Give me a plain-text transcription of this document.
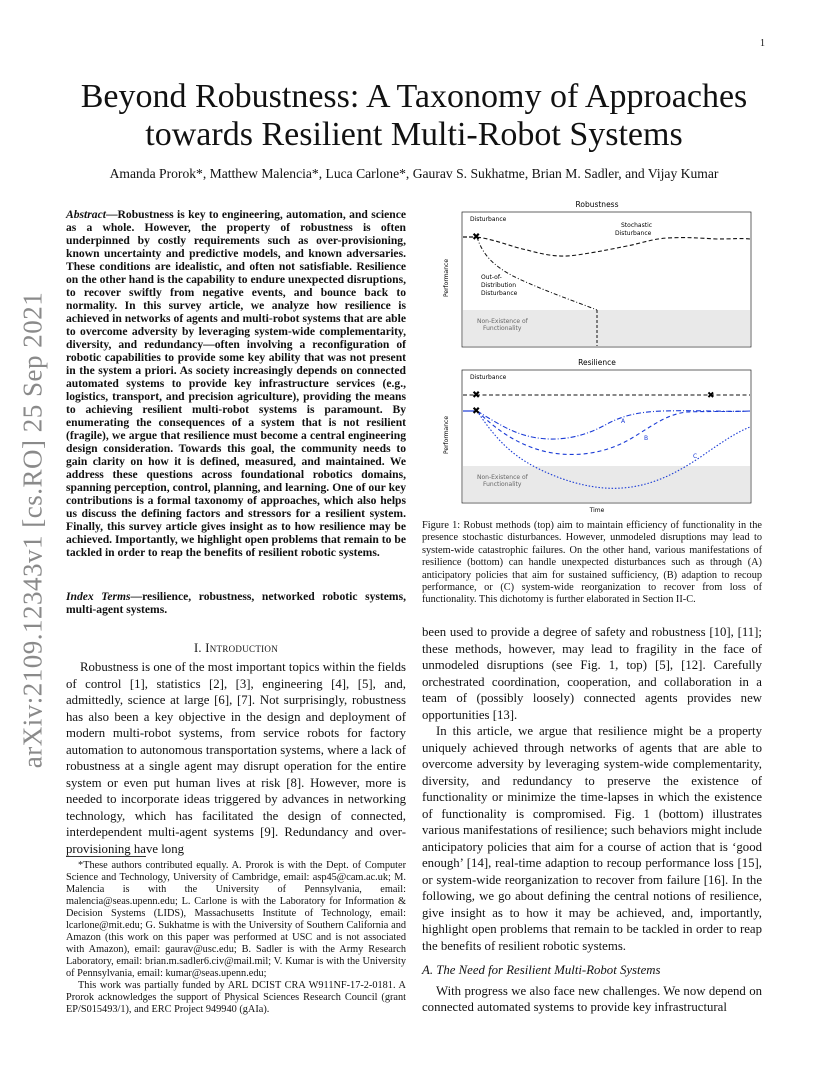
1
arXiv:2109.12343v1 [cs.RO] 25 Sep 2021
Beyond Robustness: A Taxonomy of Approaches
towards Resilient Multi-Robot Systems
Amanda Prorok*, Matthew Malencia*, Luca Carlone*, Gaurav S. Sukhatme, Brian M. Sadler, and Vijay Kumar
Abstract—Robustness is key to engineering, automation, and science as a whole. However, the property of robustness is often underpinned by costly requirements such as over-provisioning, known uncertainty and predictive models, and known adversaries. These conditions are idealistic, and often not satisfiable. Resilience on the other hand is the capability to endure unexpected disruptions, to recover swiftly from negative events, and bounce back to normality. In this survey article, we analyze how resilience is achieved in networks of agents and multi-robot systems that are able to overcome adversity by leveraging system-wide complementarity, diversity, and redundancy—often involving a reconfiguration of robotic capabilities to provide some key ability that was not present in the system a priori. As society increasingly depends on connected automated systems to provide key infrastructure services (e.g., logistics, transport, and precision agriculture), providing the means to achieving resilient multi-robot systems is paramount. By enumerating the consequences of a system that is not resilient (fragile), we argue that resilience must become a central engineering design consideration. Towards this goal, the community needs to gain clarity on how it is defined, measured, and maintained. We address these questions across foundational robotics domains, spanning perception, control, planning, and learning. One of our key contributions is a formal taxonomy of approaches, which also helps us discuss the defining factors and stressors for a resilient system. Finally, this survey article gives insight as to how resilience may be achieved. Importantly, we highlight open problems that remain to be tackled in order to reap the benefits of resilient robotic systems.
Index Terms—resilience, robustness, networked robotic systems, multi-agent systems.
I. Introduction
Robustness is one of the most important topics within the fields of control [1], statistics [2], [3], engineering [4], [5], and, admittedly, science at large [6], [7]. Not surprisingly, robustness has also been a key objective in the design and deployment of modern multi-robot systems, from service robots for factory automation to autonomous transportation systems, where a lack of robustness at a single agent may disrupt operation for the entire system or even put human lives at risk [8]. However, more is needed to incorporate ideas triggered by advances in networking technology, which has facilitated the design of connected, interdependent multi-agent systems [9]. Redundancy and over-provisioning have long

*These authors contributed equally. A. Prorok is with the Dept. of Computer Science and Technology, University of Cambridge, email: asp45@cam.ac.uk; M. Malencia is with the University of Pennsylvania, email: malencia@seas.upenn.edu; L. Carlone is with the Laboratory for Information & Decision Systems (LIDS), Massachusetts Institute of Technology, email: lcarlone@mit.edu; G. Sukhatme is with the University of Southern California and Amazon (this work on this paper was performed at USC and is not associated with Amazon), email: gaurav@usc.edu; B. Sadler is with the Army Research Laboratory, email: brian.m.sadler6.civ@mail.mil; V. Kumar is with the University of Pennsylvania, email: kumar@seas.upenn.edu;

This work was partially funded by ARL DCIST CRA W911NF-17-2-0181. A Prorok acknowledges the support of Physical Sciences Research Council (grant EP/S015493/1), and ERC Project 949940 (gAIa).

Robustness
Performance
Disturbance
Stochastic
Disturbance
Out-of-
Distribution
Disturbance
Non-Existence of
Functionality
✖
Resilience
Performance
Time
Disturbance
Non-Existence of
Functionality
✖
✖
✖
A
B
C
Figure 1: Robust methods (top) aim to maintain efficiency of functionality in the presence stochastic disturbances. However, unmodeled disruptions may lead to system-wide catastrophic failures. On the other hand, various manifestations of resilience (bottom) can handle unexpected disturbances such as through (A) anticipatory policies that aim for sustained sufficiency, (B) adaption to recoup performance, or (C) system-wide reorganization to recover from loss of functionality. This dichotomy is further elaborated in Section II-C.

been used to provide a degree of safety and robustness [10], [11]; these methods, however, may lead to fragility in the face of unmodeled disruptions (see Fig. 1, top) [5], [12]. Carefully orchestrated coordination, cooperation, and collaboration in a team of (possibly loosely) connected agents provides new opportunities [13].

In this article, we argue that resilience might be a property uniquely achieved through networks of agents that are able to overcome adversity by leveraging system-wide complementarity, diversity, and redundancy to preserve the existence of functionality or minimize the time-lapses in which the existence of functionality is compromised. Fig. 1 (bottom) illustrates various manifestations of resilience; such behaviors might include anticipatory policies that aim for a course of action that is ‘good enough’ [14], real-time adaption to recoup performance loss [15], or system-wide reorganization to recover from failure [16]. In the following, we go about defining the central notions of resilience, give insight as to how it may be achieved, and, importantly, highlight open problems that remain to be tackled in order to reap the benefits of resilient robotic systems.

A. The Need for Resilient Multi-Robot Systems

With progress we also face new challenges. We now depend on connected automated systems to provide key infrastructural
